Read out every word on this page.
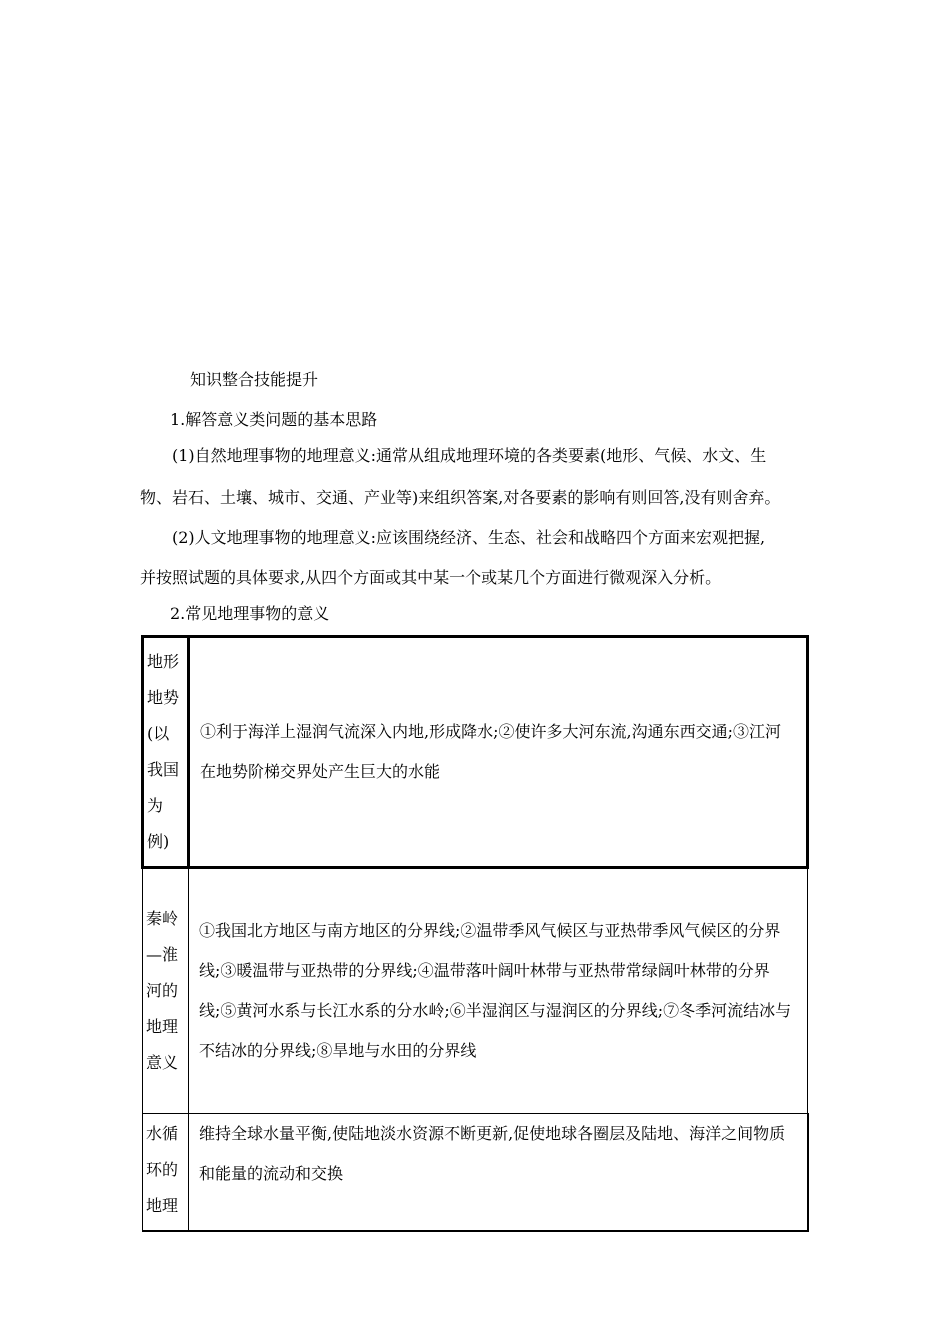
知识整合技能提升
1.解答意义类问题的基本思路
(1)自然地理事物的地理意义:通常从组成地理环境的各类要素(地形、气候、水文、生
物、岩石、土壤、城市、交通、产业等)来组织答案,对各要素的影响有则回答,没有则舍弃。
(2)人文地理事物的地理意义:应该围绕经济、生态、社会和战略四个方面来宏观把握,
并按照试题的具体要求,从四个方面或其中某一个或某几个方面进行微观深入分析。
2.常见地理事物的意义
地形地势(以我国为例)	①利于海洋上湿润气流深入内地,形成降水;②使许多大河东流,沟通东西交通;③江河在地势阶梯交界处产生巨大的水能
秦岭—淮河的地理意义	①我国北方地区与南方地区的分界线;②温带季风气候区与亚热带季风气候区的分界线;③暖温带与亚热带的分界线;④温带落叶阔叶林带与亚热带常绿阔叶林带的分界线;⑤黄河水系与长江水系的分水岭;⑥半湿润区与湿润区的分界线;⑦冬季河流结冰与不结冰的分界线;⑧旱地与水田的分界线
水循环的地理	维持全球水量平衡,使陆地淡水资源不断更新,促使地球各圈层及陆地、海洋之间物质和能量的流动和交换
